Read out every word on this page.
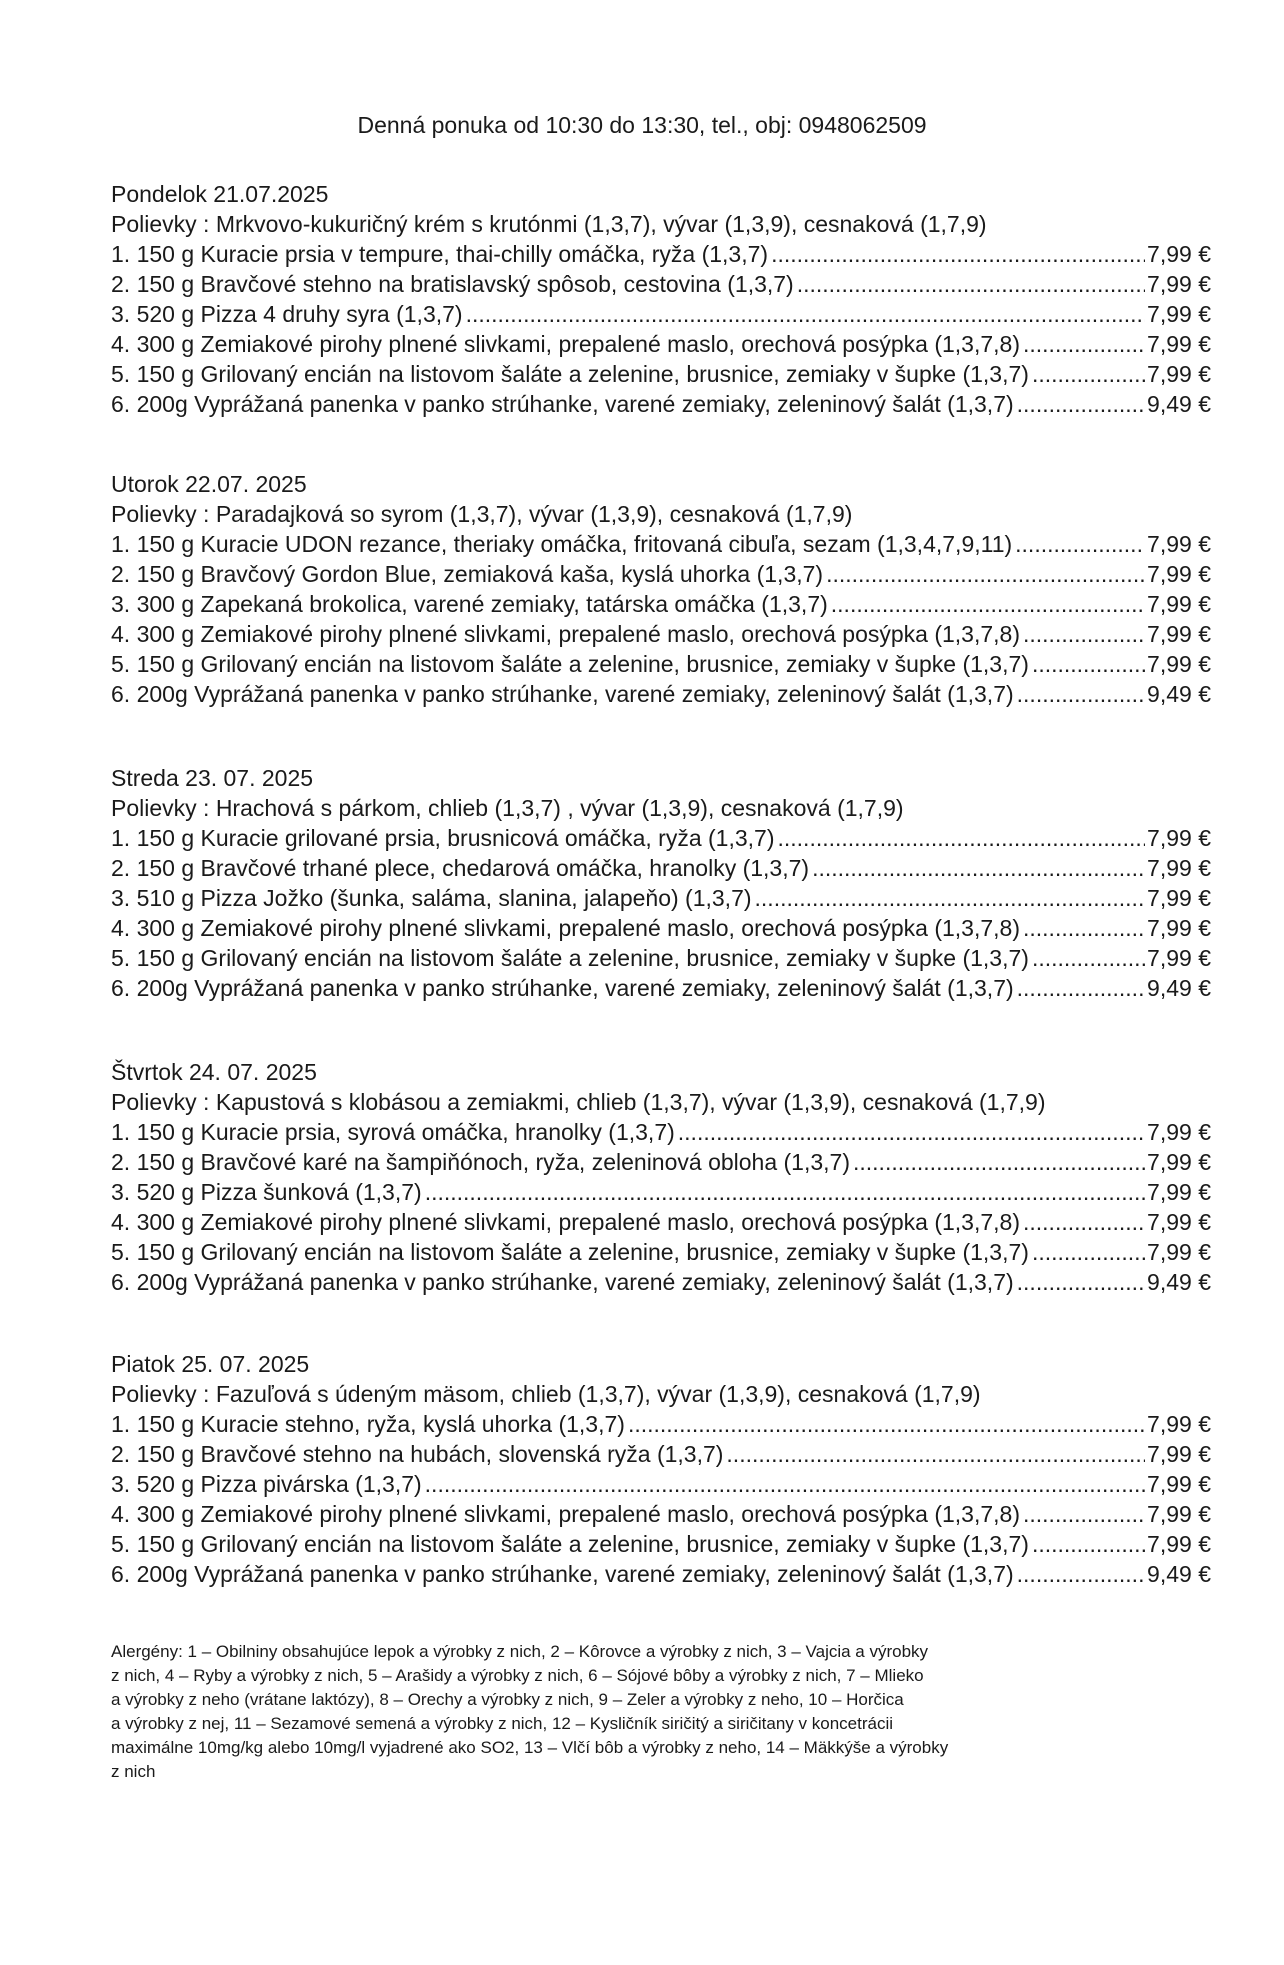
Denná ponuka od 10:30 do 13:30, tel., obj: 0948062509
Pondelok 21.07.2025
Polievky : Mrkvovo-kukuričný krém s krutónmi (1,3,7), vývar (1,3,9), cesnaková (1,7,9)
1. 150 g Kuracie prsia v tempure, thai-chilly omáčka, ryža (1,3,7) .....	7,99 €
2. 150 g Bravčové stehno na bratislavský spôsob, cestovina (1,3,7) .....	7,99 €
3. 520 g Pizza 4 druhy syra (1,3,7) .....	7,99 €
4. 300 g Zemiakové pirohy plnené slivkami, prepalené maslo, orechová posýpka (1,3,7,8) .....	7,99 €
5. 150 g Grilovaný encián na listovom šaláte a zelenine, brusnice, zemiaky v šupke (1,3,7) .....	7,99 €
6. 200g Vyprážaná panenka v panko strúhanke, varené zemiaky, zeleninový šalát (1,3,7) .....	9,49 €
Utorok 22.07. 2025
Polievky : Paradajková so syrom (1,3,7), vývar (1,3,9), cesnaková (1,7,9)
1. 150 g Kuracie UDON rezance, theriaky omáčka, fritovaná cibuľa, sezam (1,3,4,7,9,11) .....	7,99 €
2. 150 g Bravčový Gordon Blue, zemiaková kaša, kyslá uhorka (1,3,7) .....	7,99 €
3. 300 g Zapekaná brokolica, varené zemiaky, tatárska omáčka (1,3,7) .....	7,99 €
4. 300 g Zemiakové pirohy plnené slivkami, prepalené maslo, orechová posýpka (1,3,7,8) .....	7,99 €
5. 150 g Grilovaný encián na listovom šaláte a zelenine, brusnice, zemiaky v šupke (1,3,7) .....	7,99 €
6. 200g Vyprážaná panenka v panko strúhanke, varené zemiaky, zeleninový šalát (1,3,7) .....	9,49 €
Streda 23. 07. 2025
Polievky : Hrachová s párkom, chlieb (1,3,7) , vývar (1,3,9), cesnaková (1,7,9)
1. 150 g Kuracie grilované prsia, brusnicová omáčka, ryža (1,3,7) .....	7,99 €
2. 150 g Bravčové trhané plece, chedarová omáčka, hranolky (1,3,7) .....	7,99 €
3. 510 g Pizza Jožko (šunka, saláma, slanina, jalapeňo) (1,3,7) .....	7,99 €
4. 300 g Zemiakové pirohy plnené slivkami, prepalené maslo, orechová posýpka (1,3,7,8) .....	7,99 €
5. 150 g Grilovaný encián na listovom šaláte a zelenine, brusnice, zemiaky v šupke (1,3,7) .....	7,99 €
6. 200g Vyprážaná panenka v panko strúhanke, varené zemiaky, zeleninový šalát (1,3,7) .....	9,49 €
Štvrtok 24. 07. 2025
Polievky : Kapustová s klobásou a zemiakmi, chlieb (1,3,7), vývar (1,3,9), cesnaková (1,7,9)
1. 150 g Kuracie prsia, syrová omáčka, hranolky (1,3,7) .....	7,99 €
2. 150 g Bravčové karé na šampiňónoch, ryža, zeleninová obloha (1,3,7) .....	7,99 €
3. 520 g Pizza šunková (1,3,7) .....	7,99 €
4. 300 g Zemiakové pirohy plnené slivkami, prepalené maslo, orechová posýpka (1,3,7,8) .....	7,99 €
5. 150 g Grilovaný encián na listovom šaláte a zelenine, brusnice, zemiaky v šupke (1,3,7) .....	7,99 €
6. 200g Vyprážaná panenka v panko strúhanke, varené zemiaky, zeleninový šalát (1,3,7) .....	9,49 €
Piatok 25. 07. 2025
Polievky : Fazuľová s údeným mäsom, chlieb (1,3,7), vývar (1,3,9), cesnaková (1,7,9)
1. 150 g Kuracie stehno, ryža, kyslá uhorka (1,3,7) .....	7,99 €
2. 150 g Bravčové stehno na hubách, slovenská ryža (1,3,7) .....	7,99 €
3. 520 g Pizza pivárska (1,3,7) .....	7,99 €
4. 300 g Zemiakové pirohy plnené slivkami, prepalené maslo, orechová posýpka (1,3,7,8) .....	7,99 €
5. 150 g Grilovaný encián na listovom šaláte a zelenine, brusnice, zemiaky v šupke (1,3,7) .....	7,99 €
6. 200g Vyprážaná panenka v panko strúhanke, varené zemiaky, zeleninový šalát (1,3,7) .....	9,49 €
Alergény: 1 – Obilniny obsahujúce lepok a výrobky z nich, 2 – Kôrovce a výrobky z nich, 3 – Vajcia a výrobky
z nich, 4 – Ryby a výrobky z nich, 5 – Arašidy a výrobky z nich, 6 – Sójové bôby a výrobky z nich, 7 – Mlieko
a výrobky z neho (vrátane laktózy), 8 – Orechy a výrobky z nich, 9 – Zeler a výrobky z neho, 10 – Horčica
a výrobky z nej, 11 – Sezamové semená a výrobky z nich, 12 – Kysličník siričitý a siričitany v koncetrácii
maximálne 10mg/kg alebo 10mg/l vyjadrené ako SO2, 13 – Vlčí bôb a výrobky z neho, 14 – Mäkkýše a výrobky
z nich
